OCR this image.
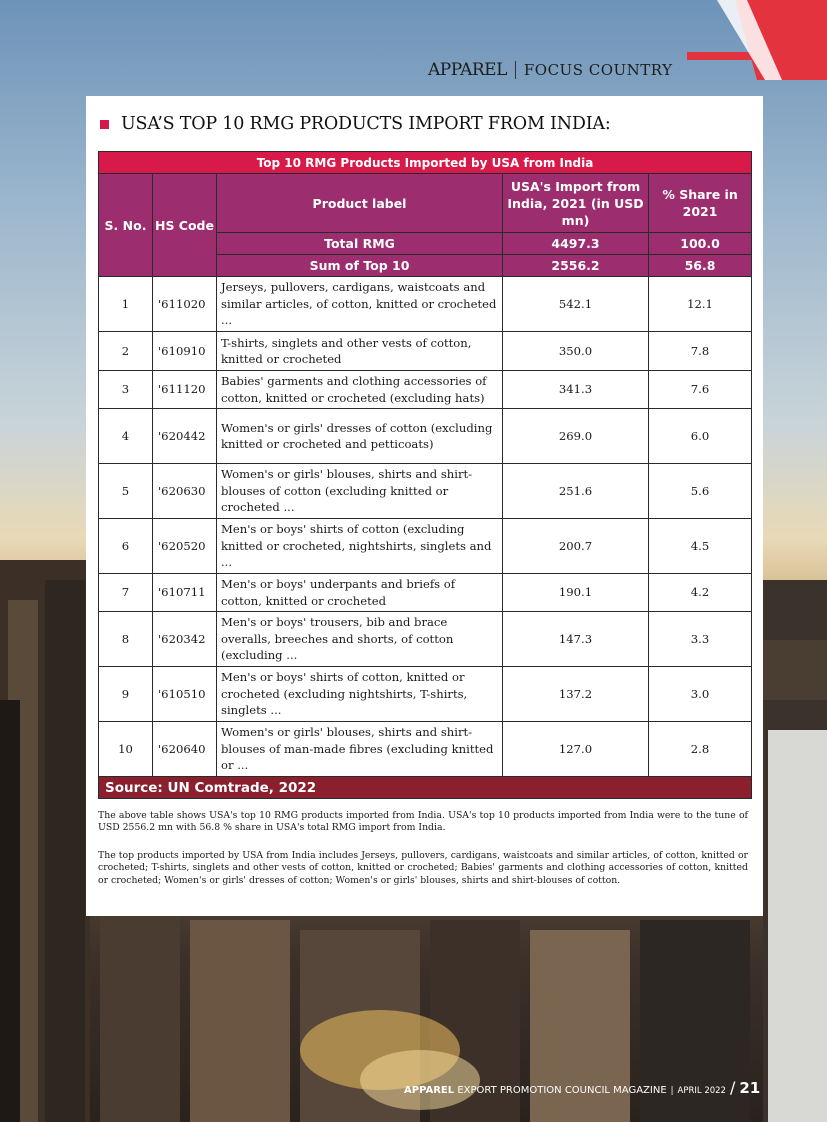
APPAREL FOCUS COUNTRY
USA’S TOP 10 RMG PRODUCTS IMPORT FROM INDIA:
Top 10 RMG Products Imported by USA from India				
S. No.	HS Code	Product label	USA's Import from India, 2021 (in USD mn)	% Share in 2021
		Total RMG	4497.3	100.0
		Sum of Top 10	2556.2	56.8
1	'611020	Jerseys, pullovers, cardigans, waistcoats and similar articles, of cotton, knitted or crocheted ...	542.1	12.1
2	'610910	T-shirts, singlets and other vests of cotton, knitted or crocheted	350.0	7.8
3	'611120	Babies' garments and clothing accessories of cotton, knitted or crocheted (excluding hats)	341.3	7.6
4	'620442	Women's or girls' dresses of cotton (excluding knitted or crocheted and petticoats)	269.0	6.0
5	'620630	Women's or girls' blouses, shirts and shirt-blouses of cotton (excluding knitted or crocheted ...	251.6	5.6
6	'620520	Men's or boys' shirts of cotton (excluding knitted or crocheted, nightshirts, singlets and ...	200.7	4.5
7	'610711	Men's or boys' underpants and briefs of cotton, knitted or crocheted	190.1	4.2
8	'620342	Men's or boys' trousers, bib and brace overalls, breeches and shorts, of cotton (excluding ...	147.3	3.3
9	'610510	Men's or boys' shirts of cotton, knitted or crocheted (excluding nightshirts, T-shirts, singlets ...	137.2	3.0
10	'620640	Women's or girls' blouses, shirts and shirt-blouses of man-made fibres (excluding knitted or ...	127.0	2.8
Source: UN Comtrade, 2022				

The above table shows USA's top 10 RMG products imported from India. USA's top 10 products imported from India were to the tune of USD 2556.2 mn with 56.8 % share in USA's total RMG import from India.

The top products imported by USA from India includes Jerseys, pullovers, cardigans, waistcoats and similar articles, of cotton, knitted or crocheted; T-shirts, singlets and other vests of cotton, knitted or crocheted; Babies' garments and clothing accessories of cotton, knitted or crocheted; Women's or girls' dresses of cotton; Women's or girls' blouses, shirts and shirt-blouses of cotton.

APPAREL EXPORT PROMOTION COUNCIL MAGAZINE | APRIL 2022 / 21
